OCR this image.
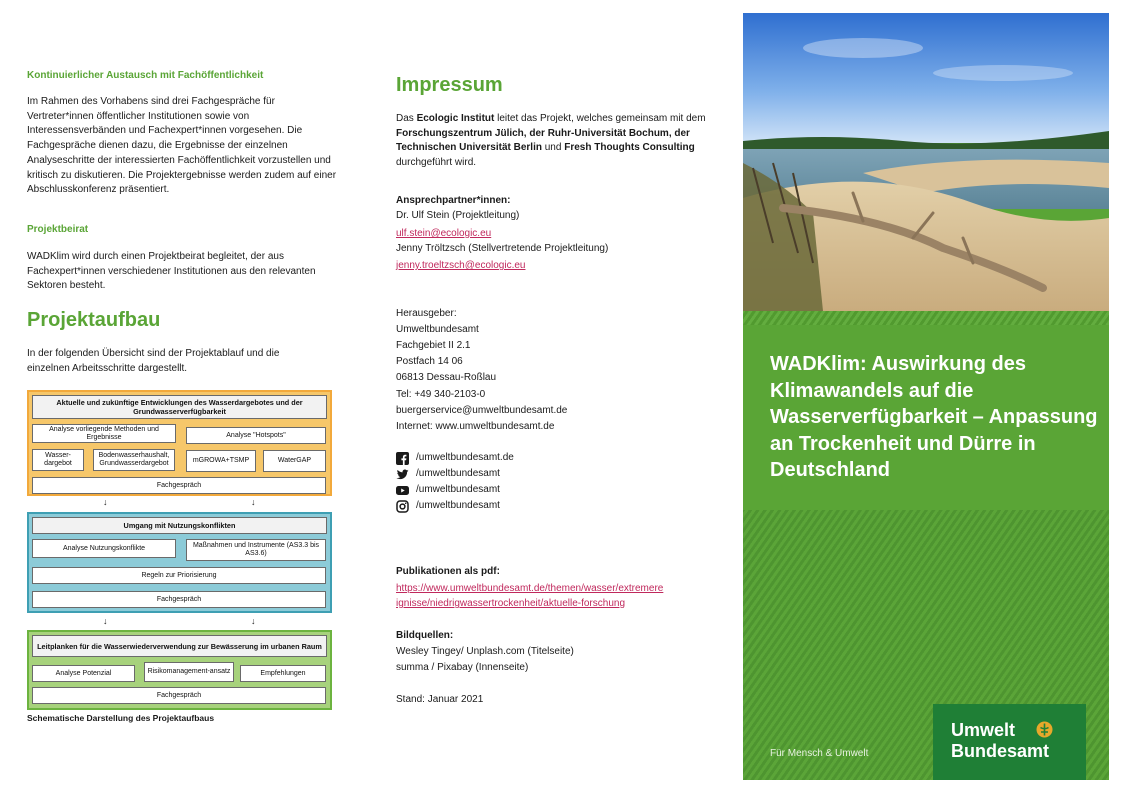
Kontinuierlicher Austausch mit Fachöffentlichkeit
Im Rahmen des Vorhabens sind drei Fachgespräche für Vertreter*innen öffentlicher Institutionen sowie von Interessensverbänden und Fachexpert*innen vorgesehen. Die Fachgespräche dienen dazu, die Ergebnisse der einzelnen Analyseschritte der interessierten Fachöffentlichkeit vorzustellen und kritisch zu diskutieren. Die Projektergebnisse werden zudem auf einer Abschlusskonferenz präsentiert.
Projektbeirat
WADKlim wird durch einen Projektbeirat begleitet, der aus Fachexpert*innen verschiedener Institutionen aus den relevanten Sektoren besteht.
Projektaufbau
In der folgenden Übersicht sind der Projektablauf und die einzelnen Arbeitsschritte dargestellt.
Aktuelle und zukünftige Entwicklungen des Wasserdargebotes und der Grundwasserverfügbarkeit
Analyse vorliegende Methoden und Ergebnisse	Analyse "Hotspots"
Wasser-dargebot
Bodenwasserhaushalt, Grundwasserdargebot	mGROWA+TSMP	WaterGAP
Fachgespräch
↓	↓
Umgang mit Nutzungskonflikten
Analyse Nutzungskonflikte	Maßnahmen und Instrumente (AS3.3 bis AS3.6)
Regeln zur Priorisierung
Fachgespräch
↓	↓
Leitplanken für die Wasserwiederverwendung zur Bewässerung im urbanen Raum
Analyse Potenzial	Risikomanagement-ansatz	Empfehlungen
Fachgespräch
Schematische Darstellung des Projektaufbaus
Impressum
Das Ecologic Institut leitet das Projekt, welches gemeinsam mit dem Forschungszentrum Jülich, der Ruhr-Universität Bochum, der Technischen Universität Berlin und Fresh Thoughts Consulting durchgeführt wird.
Ansprechpartner*innen:
Dr. Ulf Stein (Projektleitung)
ulf.stein@ecologic.eu
Jenny Tröltzsch (Stellvertretende Projektleitung)
jenny.troeltzsch@ecologic.eu
Herausgeber:
Umweltbundesamt
Fachgebiet II 2.1
Postfach 14 06
06813 Dessau-Roßlau
Tel: +49 340-2103-0
buergerservice@umweltbundesamt.de
Internet: www.umweltbundesamt.de
/umweltbundesamt.de
/umweltbundesamt
/umweltbundesamt
/umweltbundesamt
Publikationen als pdf:
https://www.umweltbundesamt.de/themen/wasser/extremere
ignisse/niedrigwassertrockenheit/aktuelle-forschung
Bildquellen:
Wesley Tingey/ Unplash.com (Titelseite)
summa / Pixabay (Innenseite)
Stand: Januar 2021
WADKlim: Auswirkung des Klimawandels auf die Wasserverfügbarkeit – Anpassung an Trockenheit und Dürre in Deutschland
Für Mensch & Umwelt
Umwelt
Bundesamt
